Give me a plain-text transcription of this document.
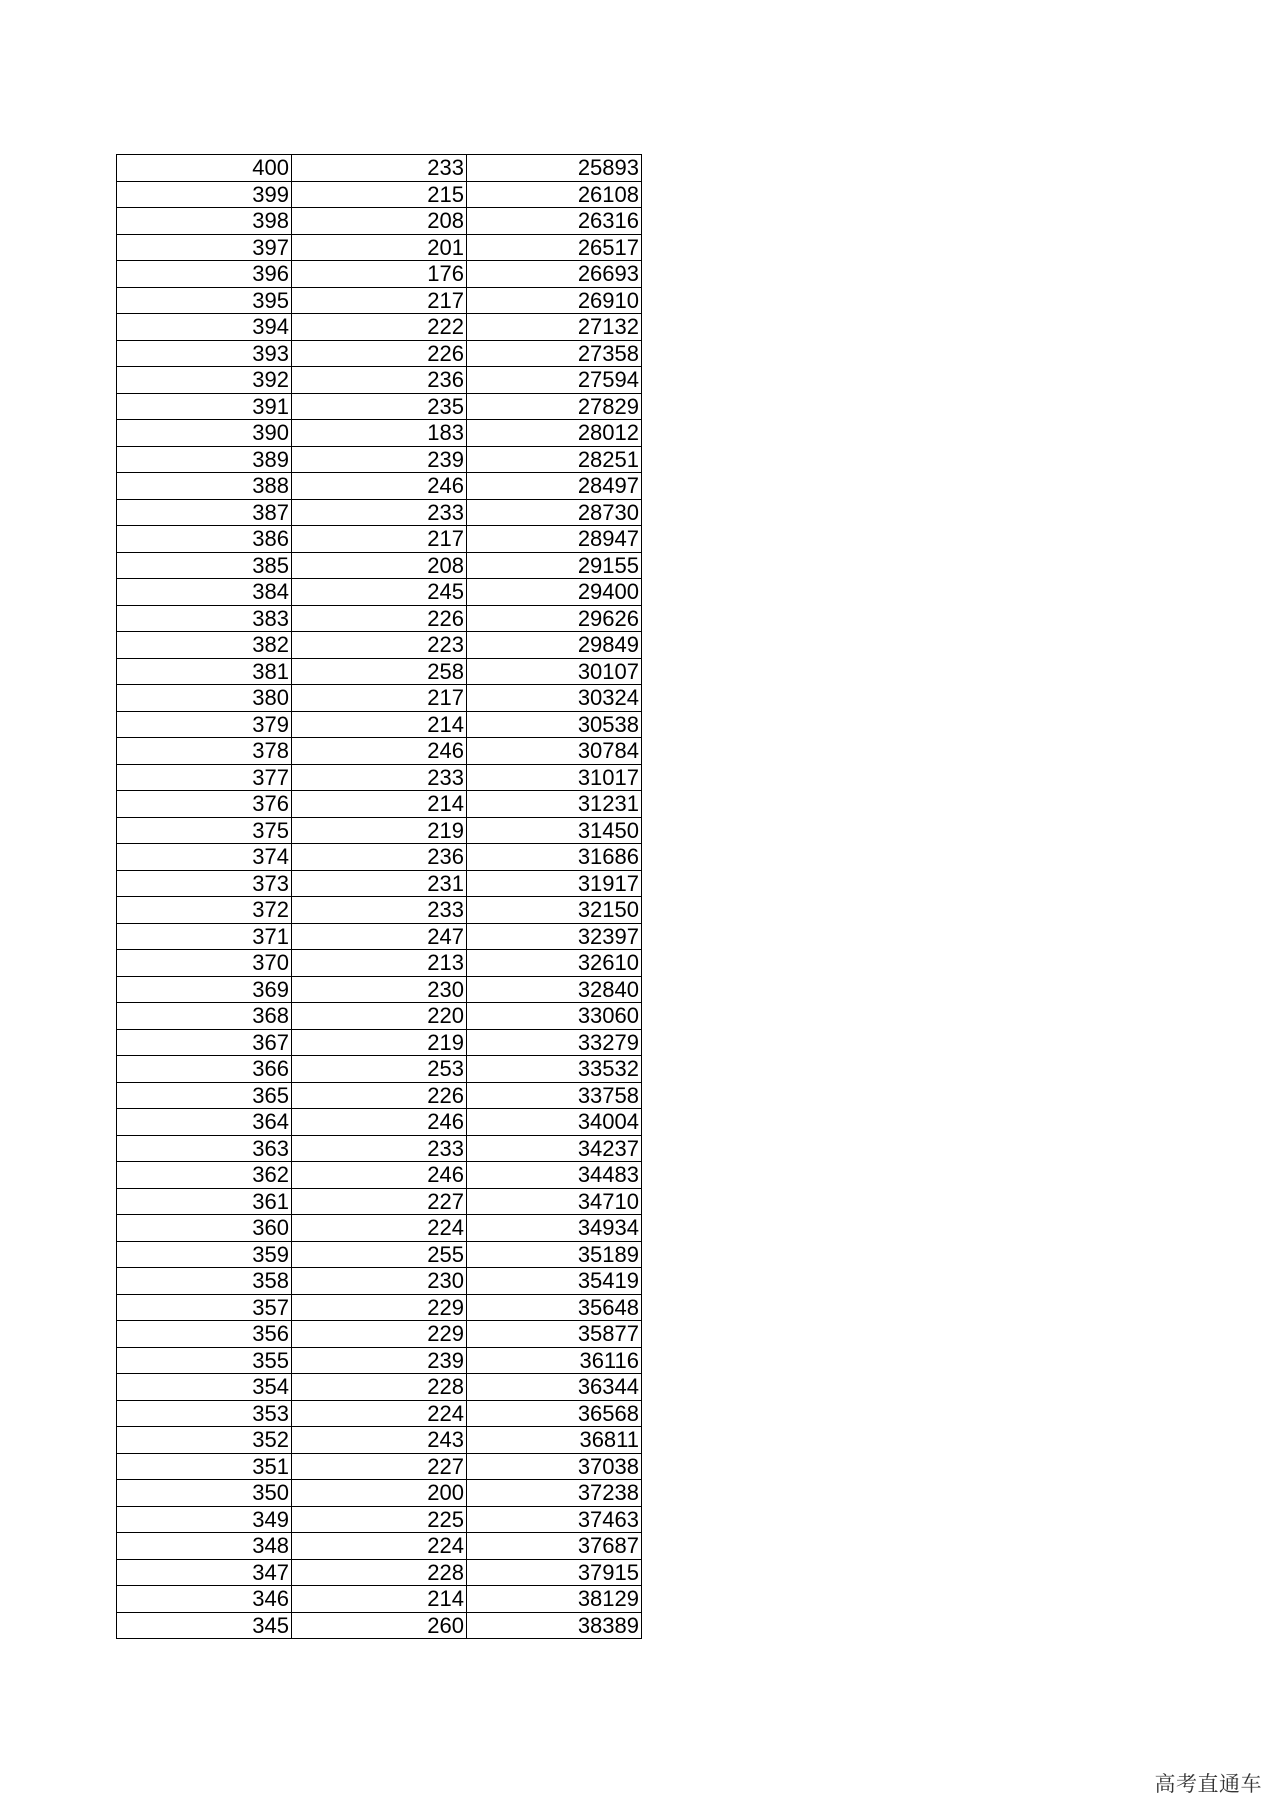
400	233	25893
399	215	26108
398	208	26316
397	201	26517
396	176	26693
395	217	26910
394	222	27132
393	226	27358
392	236	27594
391	235	27829
390	183	28012
389	239	28251
388	246	28497
387	233	28730
386	217	28947
385	208	29155
384	245	29400
383	226	29626
382	223	29849
381	258	30107
380	217	30324
379	214	30538
378	246	30784
377	233	31017
376	214	31231
375	219	31450
374	236	31686
373	231	31917
372	233	32150
371	247	32397
370	213	32610
369	230	32840
368	220	33060
367	219	33279
366	253	33532
365	226	33758
364	246	34004
363	233	34237
362	246	34483
361	227	34710
360	224	34934
359	255	35189
358	230	35419
357	229	35648
356	229	35877
355	239	36116
354	228	36344
353	224	36568
352	243	36811
351	227	37038
350	200	37238
349	225	37463
348	224	37687
347	228	37915
346	214	38129
345	260	38389
高考直通车
